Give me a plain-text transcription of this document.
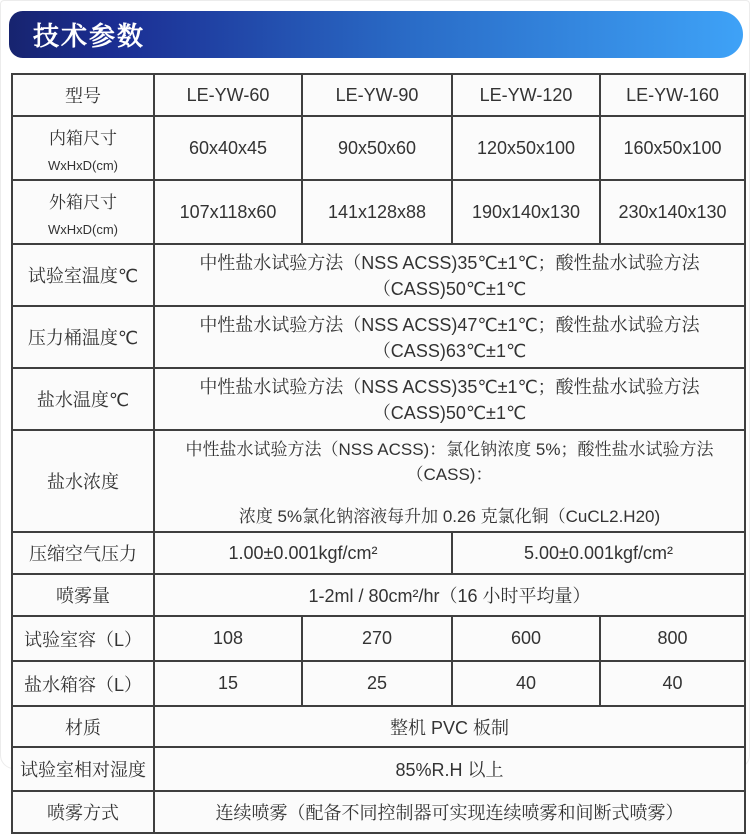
技术参数
型号	LE-YW-60	LE-YW-90	LE-YW-120	LE-YW-160

内箱尺寸
WxHxD(cm)	60x40x45	90x50x60	120x50x100	160x50x100

外箱尺寸
WxHxD(cm)	107x118x60	141x128x88	190x140x130	230x140x130
试验室温度℃	中性盐水试验方法（NSS ACSS)35℃±1℃；酸性盐水试验方法（CASS)50℃±1℃			
压力桶温度℃	中性盐水试验方法（NSS ACSS)47℃±1℃；酸性盐水试验方法（CASS)63℃±1℃			
盐水温度℃	中性盐水试验方法（NSS ACSS)35℃±1℃；酸性盐水试验方法（CASS)50℃±1℃			
盐水浓度	中性盐水试验方法（NSS ACSS)：氯化钠浓度 5%；酸性盐水试验方法（CASS)：
浓度 5%氯化钠溶液每升加 0.26 克氯化铜（CuCL2.H20)			

压缩空气压力	1.00±0.001kgf/cm²		5.00±0.001kgf/cm²	
喷雾量	1-2ml / 80cm²/hr（16 小时平均量）			
试验室容（L）	108	270	600	800
盐水箱容（L）	15	25	40	40
材质	整机 PVC 板制			
试验室相对湿度	85%R.H 以上			
喷雾方式	连续喷雾（配备不同控制器可实现连续喷雾和间断式喷雾）			
